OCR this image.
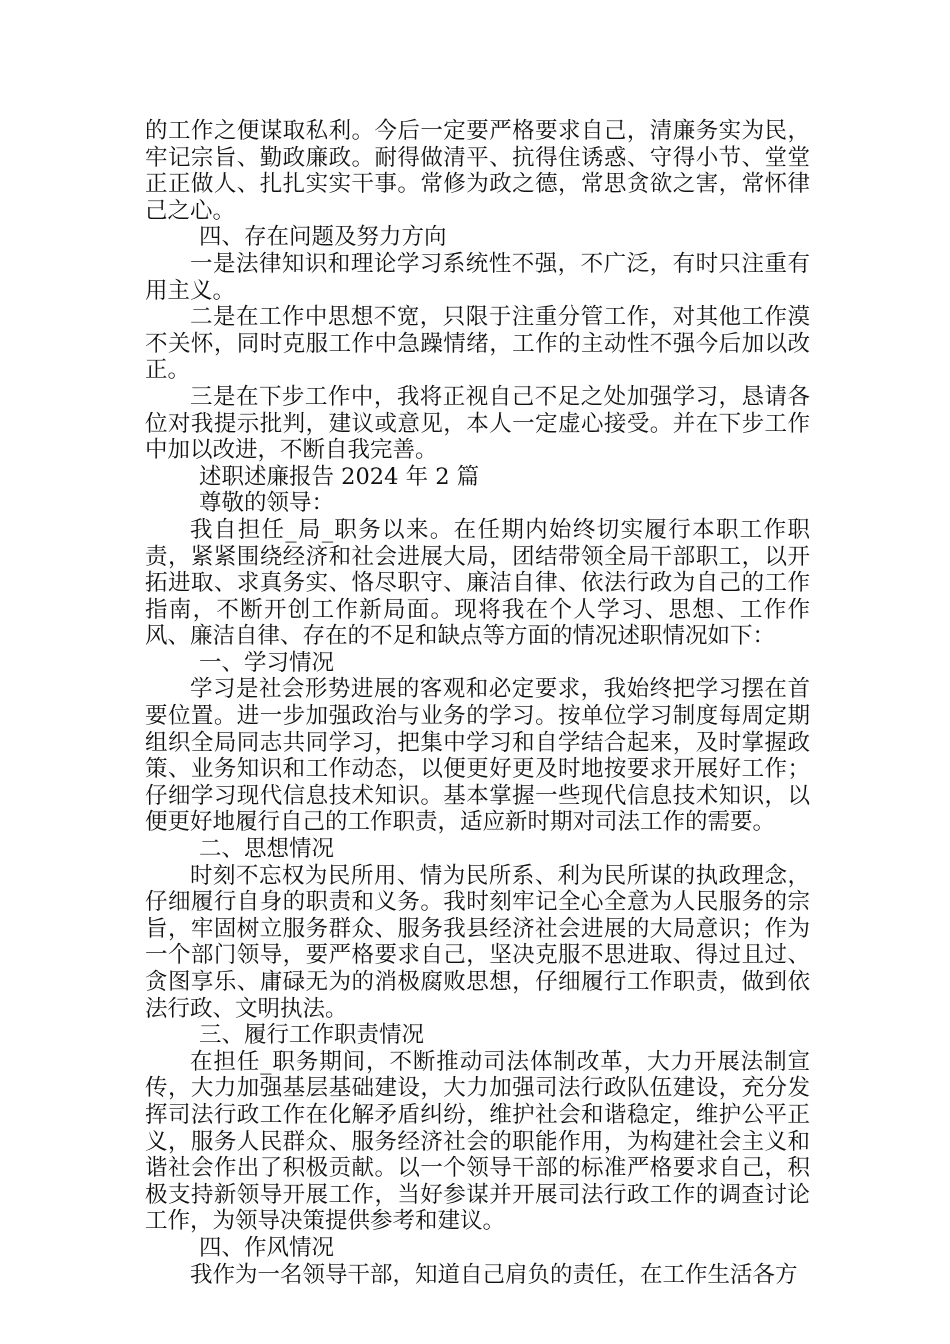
的工作之便谋取私利。今后一定要严格要求自己，清廉务实为民，牢记宗旨、勤政廉政。耐得做清平、抗得住诱惑、守得小节、堂堂正正做人、扎扎实实干事。常修为政之德，常思贪欲之害，常怀律己之心。

四、存在问题及努力方向

一是法律知识和理论学习系统性不强，不广泛，有时只注重有用主义。

二是在工作中思想不宽，只限于注重分管工作，对其他工作漠不关怀，同时克服工作中急躁情绪，工作的主动性不强今后加以改正。

三是在下步工作中，我将正视自己不足之处加强学习，恳请各位对我提示批判，建议或意见，本人一定虚心接受。并在下步工作中加以改进，不断自我完善。

述职述廉报告 2024 年 2 篇

尊敬的领导：

我自担任_局_职务以来。在任期内始终切实履行本职工作职责，紧紧围绕经济和社会进展大局，团结带领全局干部职工，以开拓进取、求真务实、恪尽职守、廉洁自律、依法行政为自己的工作指南，不断开创工作新局面。现将我在个人学习、思想、工作作风、廉洁自律、存在的不足和缺点等方面的情况述职情况如下：

一、学习情况

学习是社会形势进展的客观和必定要求，我始终把学习摆在首要位置。进一步加强政治与业务的学习。按单位学习制度每周定期组织全局同志共同学习，把集中学习和自学结合起来，及时掌握政策、业务知识和工作动态，以便更好更及时地按要求开展好工作；仔细学习现代信息技术知识。基本掌握一些现代信息技术知识，以便更好地履行自己的工作职责，适应新时期对司法工作的需要。

二、思想情况

时刻不忘权为民所用、情为民所系、利为民所谋的执政理念，仔细履行自身的职责和义务。我时刻牢记全心全意为人民服务的宗旨，牢固树立服务群众、服务我县经济社会进展的大局意识；作为一个部门领导，要严格要求自己，坚决克服不思进取、得过且过、贪图享乐、庸碌无为的消极腐败思想，仔细履行工作职责，做到依法行政、文明执法。

三、履行工作职责情况

在担任_职务期间，不断推动司法体制改革，大力开展法制宣传，大力加强基层基础建设，大力加强司法行政队伍建设，充分发挥司法行政工作在化解矛盾纠纷，维护社会和谐稳定，维护公平正义，服务人民群众、服务经济社会的职能作用，为构建社会主义和谐社会作出了积极贡献。以一个领导干部的标准严格要求自己，积极支持新领导开展工作，当好参谋并开展司法行政工作的调查讨论工作，为领导决策提供参考和建议。

四、作风情况

我作为一名领导干部，知道自己肩负的责任，在工作生活各方
